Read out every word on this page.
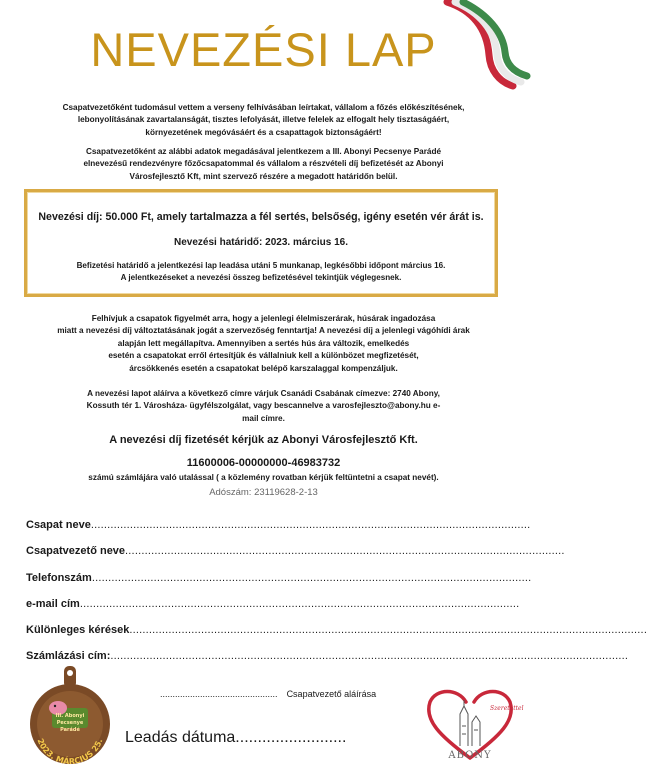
NEVEZÉSI LAP
Csapatvezetőként tudomásul vettem a verseny felhívásában leírtakat, vállalom a főzés előkészítésének,
lebonyolításának zavartalanságát, tisztes lefolyását, illetve felelek az elfogalt hely tisztaságáért,
környezetének megóvásáért és a csapattagok biztonságáért!
Csapatvezetőként az alábbi adatok megadásával jelentkezem a III. Abonyi Pecsenye Parádé
elnevezésű rendezvényre főzőcsapatommal és vállalom a részvételi díj befizetését az Abonyi
Városfejlesztő Kft, mint szervező részére a megadott határidőn belül.
Nevezési díj: 50.000 Ft, amely tartalmazza a fél sertés, belsőség, igény esetén vér árát is.
Nevezési határidő: 2023. március 16.
Befizetési határidő a jelentkezési lap leadása utáni 5 munkanap, legkésőbbi időpont március 16.
A jelentkezéseket a nevezési összeg befizetésével tekintjük véglegesnek.
Felhívjuk a csapatok figyelmét arra, hogy a jelenlegi élelmiszerárak, húsárak ingadozása
miatt a nevezési díj változtatásának jogát a szervezőség fenntartja! A nevezési díj a jelenlegi vágóhídi árak
alapján lett megállapítva. Amennyiben a sertés hús ára változik, emelkedés
esetén a csapatokat erről értesítjük és vállalniuk kell a különbözet megfizetését,
árcsökkenés esetén a csapatokat belépő karszalaggal kompenzáljuk.
A nevezési lapot aláírva a következő címre várjuk Csanádi Csabának címezve: 2740 Abony,
Kossuth tér 1. Városháza- ügyfélszolgálat, vagy bescannelve a varosfejleszto@abony.hu e-
mail címre.
A nevezési díj fizetését kérjük az Abonyi Városfejlesztő Kft.
11600006-00000000-46983732
számú számlájára való utalással ( a közlemény rovatban kérjük feltüntetni a csapat nevét).
Adószám: 23119628-2-13
Csapat neve.......................................................................................................................................
Csapatvezető neve.......................................................................................................................................
Telefonszám.......................................................................................................................................
e-mail cím.......................................................................................................................................
Különleges kérések...............................................................................................................................................................
Számlázási cím:...............................................................................................................................................................
............................................... Csapatvezető aláírása
Leadás dátuma.........................
III. Abonyi
Pecsenye
Parádé
2023. MÁRCIUS 25.
Szeretettel
ABONY
